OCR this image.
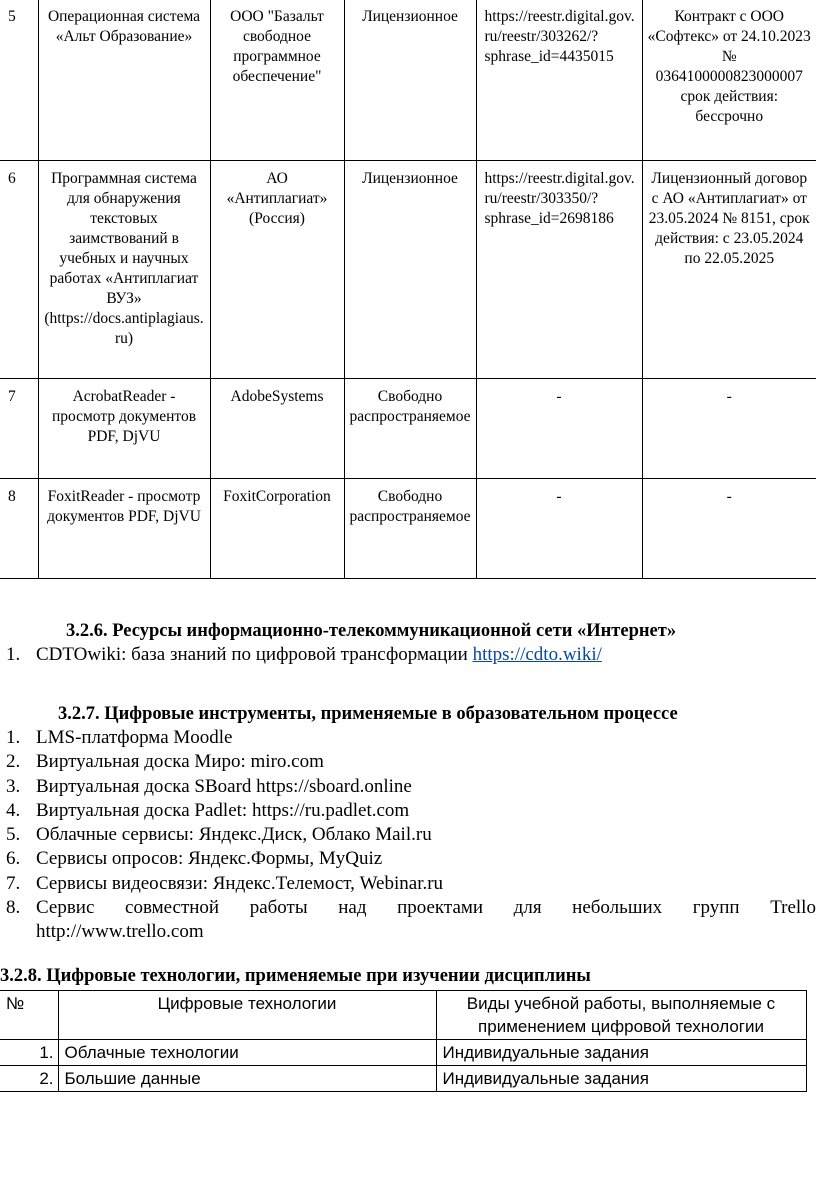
5	Операционная система «Альт Образование»	ООО "Базальт свободное программное обеспечение"	Лицензионное	https://reestr.digital.gov.ru/reestr/303262/?sphrase_id=4435015	Контракт с ООО «Софтекс» от 24.10.2023 № 0364100000823000007 срок действия: бессрочно
6	Программная система для обнаружения текстовых заимствований в учебных и научных работах «Антиплагиат ВУЗ» (https://docs.antiplagiaus.ru)	АО «Антиплагиат» (Россия)	Лицензионное	https://reestr.digital.gov.ru/reestr/303350/?sphrase_id=2698186	Лицензионный договор с АО «Антиплагиат» от 23.05.2024 № 8151, срок действия: с 23.05.2024 по 22.05.2025
7	AcrobatReader - просмотр документов PDF, DjVU	AdobeSystems	Свободно распространяемое	-	-
8	FoxitReader - просмотр документов PDF, DjVU	FoxitCorporation	Свободно распространяемое	-	-
3.2.6. Ресурсы информационно-телекоммуникационной сети «Интернет»
1. CDTOwiki: база знаний по цифровой трансформации https://cdto.wiki/
3.2.7. Цифровые инструменты, применяемые в образовательном процессе
1. LMS-платформа Moodle
2. Виртуальная доска Миро: miro.com
3. Виртуальная доска SBoard https://sboard.online
4. Виртуальная доска Padlet: https://ru.padlet.com
5. Облачные сервисы: Яндекс.Диск, Облако Mail.ru
6. Сервисы опросов: Яндекс.Формы, MyQuiz
7. Сервисы видеосвязи: Яндекс.Телемост, Webinar.ru
8. Сервис совместной работы над проектами для небольших групп Trello
http://www.trello.com
3.2.8. Цифровые технологии, применяемые при изучении дисциплины
№	Цифровые технологии	Виды учебной работы, выполняемые с применением цифровой технологии
1.	Облачные технологии	Индивидуальные задания
2.	Большие данные	Индивидуальные задания
